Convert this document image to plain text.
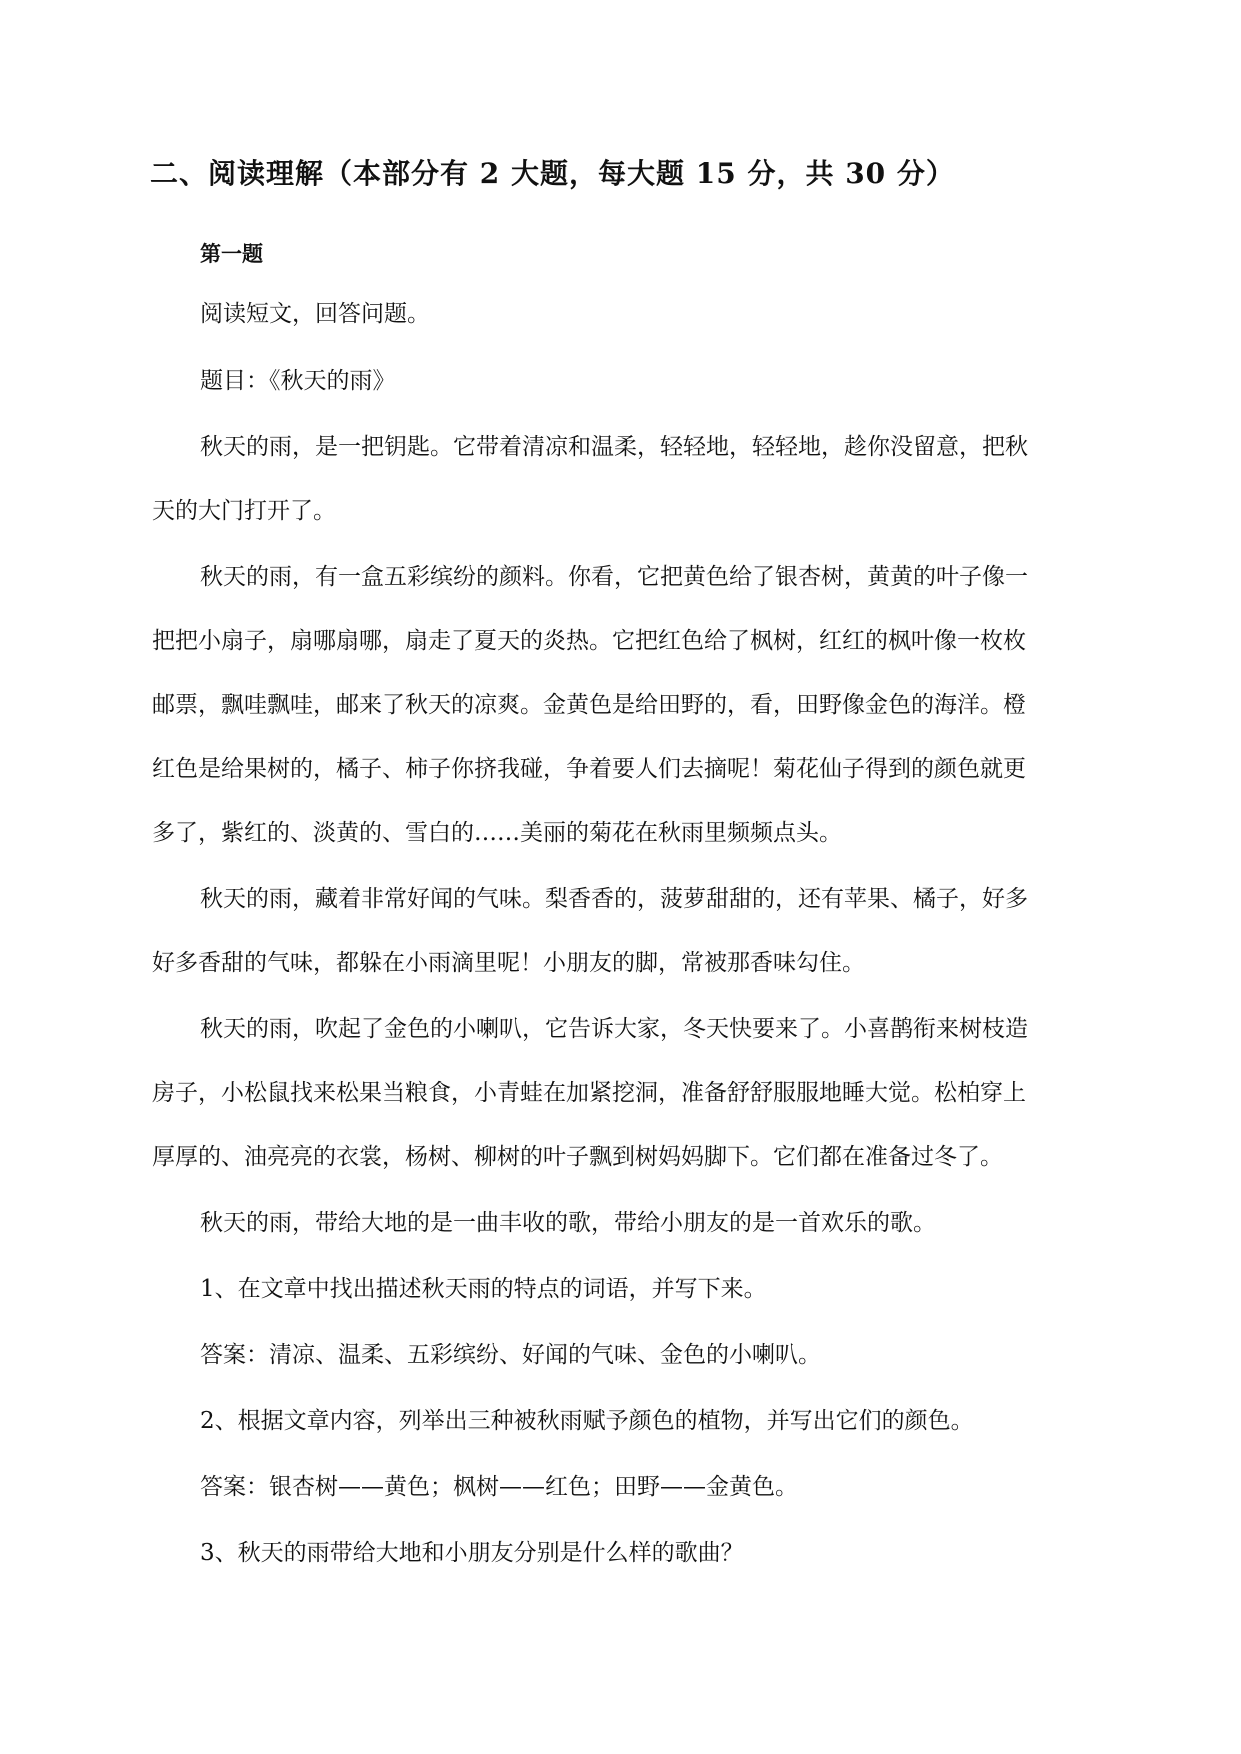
二、阅读理解（本部分有 2 大题，每大题 15 分，共 30 分）
第一题

阅读短文，回答问题。

题目：《秋天的雨》

秋天的雨，是一把钥匙。它带着清凉和温柔，轻轻地，轻轻地，趁你没留意，把秋

天的大门打开了。

秋天的雨，有一盒五彩缤纷的颜料。你看，它把黄色给了银杏树，黄黄的叶子像一

把把小扇子，扇哪扇哪，扇走了夏天的炎热。它把红色给了枫树，红红的枫叶像一枚枚

邮票，飘哇飘哇，邮来了秋天的凉爽。金黄色是给田野的，看，田野像金色的海洋。橙

红色是给果树的，橘子、柿子你挤我碰，争着要人们去摘呢！菊花仙子得到的颜色就更

多了，紫红的、淡黄的、雪白的……美丽的菊花在秋雨里频频点头。

秋天的雨，藏着非常好闻的气味。梨香香的，菠萝甜甜的，还有苹果、橘子，好多

好多香甜的气味，都躲在小雨滴里呢！小朋友的脚，常被那香味勾住。

秋天的雨，吹起了金色的小喇叭，它告诉大家，冬天快要来了。小喜鹊衔来树枝造

房子，小松鼠找来松果当粮食，小青蛙在加紧挖洞，准备舒舒服服地睡大觉。松柏穿上

厚厚的、油亮亮的衣裳，杨树、柳树的叶子飘到树妈妈脚下。它们都在准备过冬了。

秋天的雨，带给大地的是一曲丰收的歌，带给小朋友的是一首欢乐的歌。

1、在文章中找出描述秋天雨的特点的词语，并写下来。

答案：清凉、温柔、五彩缤纷、好闻的气味、金色的小喇叭。

2、根据文章内容，列举出三种被秋雨赋予颜色的植物，并写出它们的颜色。

答案：银杏树——黄色；枫树——红色；田野——金黄色。

3、秋天的雨带给大地和小朋友分别是什么样的歌曲？
